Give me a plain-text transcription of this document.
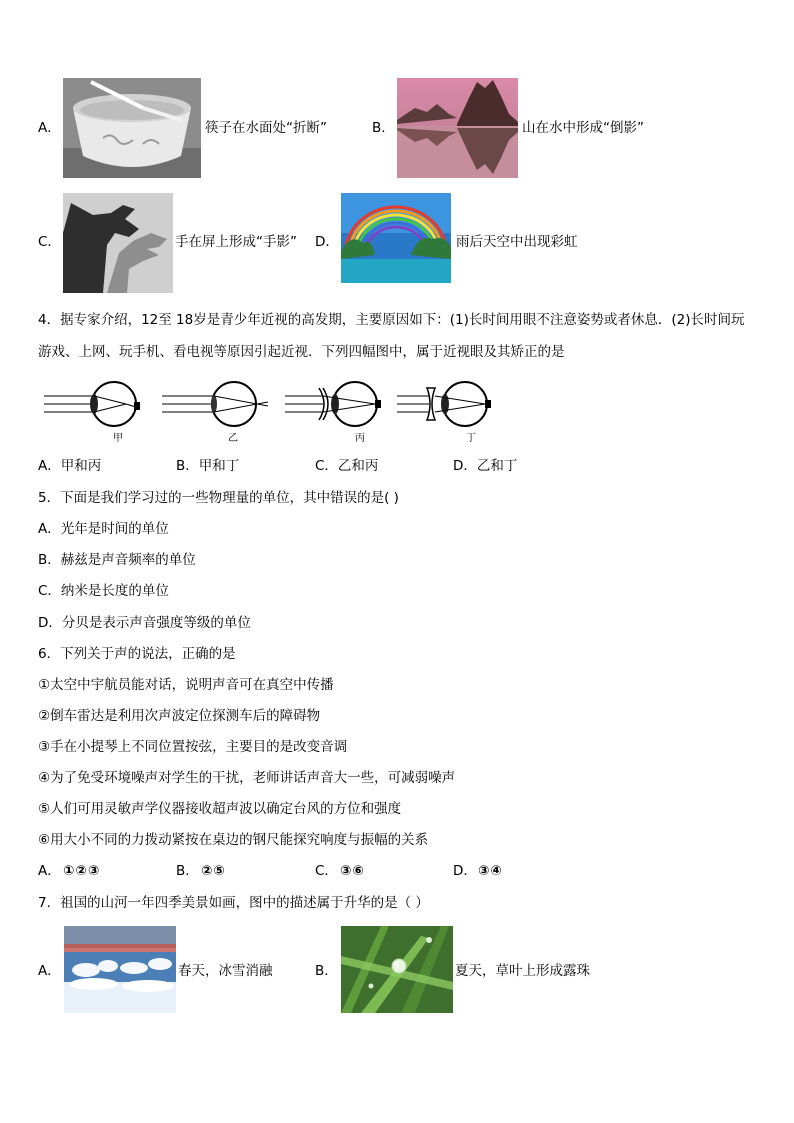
A．	筷子在水面处“折断”	B．	山在水中形成“倒影”
C．	手在屏上形成“手影” D．	雨后天空中出现彩虹
4．据专家介绍，12至 18岁是青少年近视的高发期，主要原因如下：(1)长时间用眼不注意姿势或者休息．(2)长时间玩
游戏、上网、玩手机、看电视等原因引起近视．下列四幅图中，属于近视眼及其矫正的是
甲	乙	丙	丁
A．甲和丙	B．甲和丁	C．乙和丙	D．乙和丁
5．下面是我们学习过的一些物理量的单位，其中错误的是( )
A．光年是时间的单位
B．赫兹是声音频率的单位
C．纳米是长度的单位
D．分贝是表示声音强度等级的单位
6．下列关于声的说法，正确的是
①太空中宇航员能对话，说明声音可在真空中传播
②倒车雷达是利用次声波定位探测车后的障碍物
③手在小提琴上不同位置按弦，主要目的是改变音调
④为了免受环境噪声对学生的干扰，老师讲话声音大一些，可减弱噪声
⑤人们可用灵敏声学仪器接收超声波以确定台风的方位和强度
⑥用大小不同的力拨动紧按在桌边的钢尺能探究响度与振幅的关系
A． ①②③	B． ②⑤	C． ③⑥	D． ③④
7．祖国的山河一年四季美景如画，图中的描述属于升华的是（ ）
A．	春天，冰雪消融	B．	夏天，草叶上形成露珠
